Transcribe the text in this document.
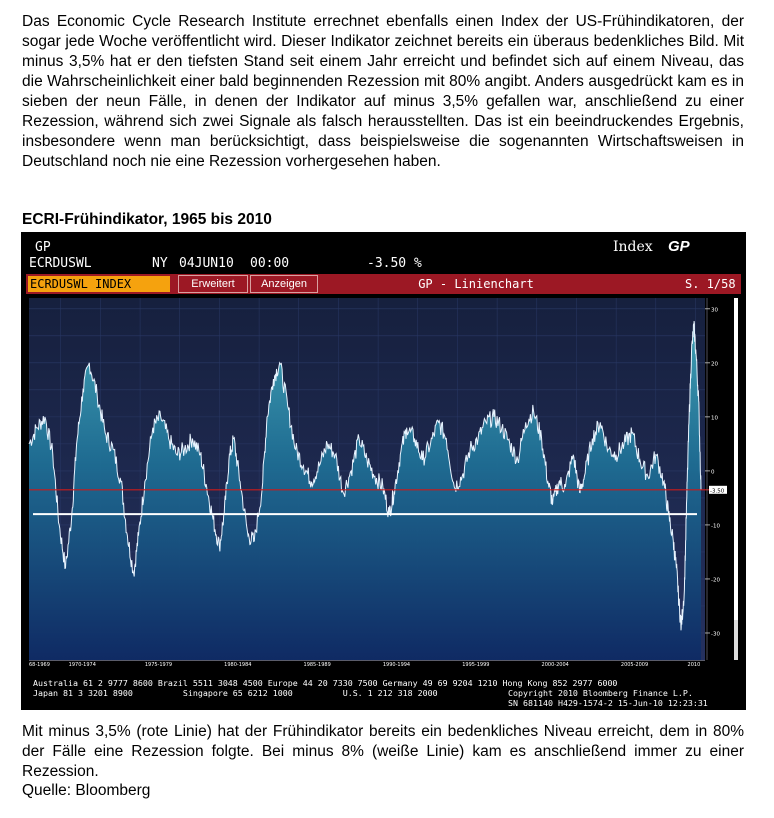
Das Economic Cycle Research Institute errechnet ebenfalls einen Index der US-Frühindikatoren, der sogar jede Woche veröffentlicht wird. Dieser Indikator zeichnet bereits ein überaus bedenkliches Bild. Mit minus 3,5% hat er den tiefsten Stand seit einem Jahr erreicht und befindet sich auf einem Niveau, das die Wahrscheinlichkeit einer bald beginnenden Rezession mit 80% angibt. Anders ausgedrückt kam es in sieben der neun Fälle, in denen der Indikator auf minus 3,5% gefallen war, anschließend zu einer Rezession, während sich zwei Signale als falsch herausstellten. Das ist ein beeindruckendes Ergebnis, insbesondere wenn man berücksichtigt, dass beispielsweise die sogenannten Wirtschaftsweisen in Deutschland noch nie eine Rezession vorhergesehen haben.
ECRI-Frühindikator, 1965 bis 2010
30
20
10
0
-10
-20
-30
-3.50
68-1969	1970-1974	1975-1979	1980-1984	1985-1989	1990-1994	1995-1999	2000-2004	2005-2009	2010
GP	Index GP
ECRDUSWL	NY 04JUN10 00:00	-3.50 %
ECRDUSWL INDEX	Erweitert	Anzeigen	GP - Linienchart	S. 1/58
Australia 61 2 9777 8600 Brazil 5511 3048 4500 Europe 44 20 7330 7500 Germany 49 69 9204 1210 Hong Kong 852 2977 6000
Japan 81 3 3201 8900          Singapore 65 6212 1000          U.S. 1 212 318 2000	Copyright 2010 Bloomberg Finance L.P.
SN 681140 H429-1574-2 15-Jun-10 12:23:31
Mit minus 3,5% (rote Linie) hat der Frühindikator bereits ein bedenkliches Niveau erreicht, dem in 80% der Fälle eine Rezession folgte. Bei minus 8% (weiße Linie) kam es anschließend immer zu einer Rezession.
Quelle: Bloomberg
